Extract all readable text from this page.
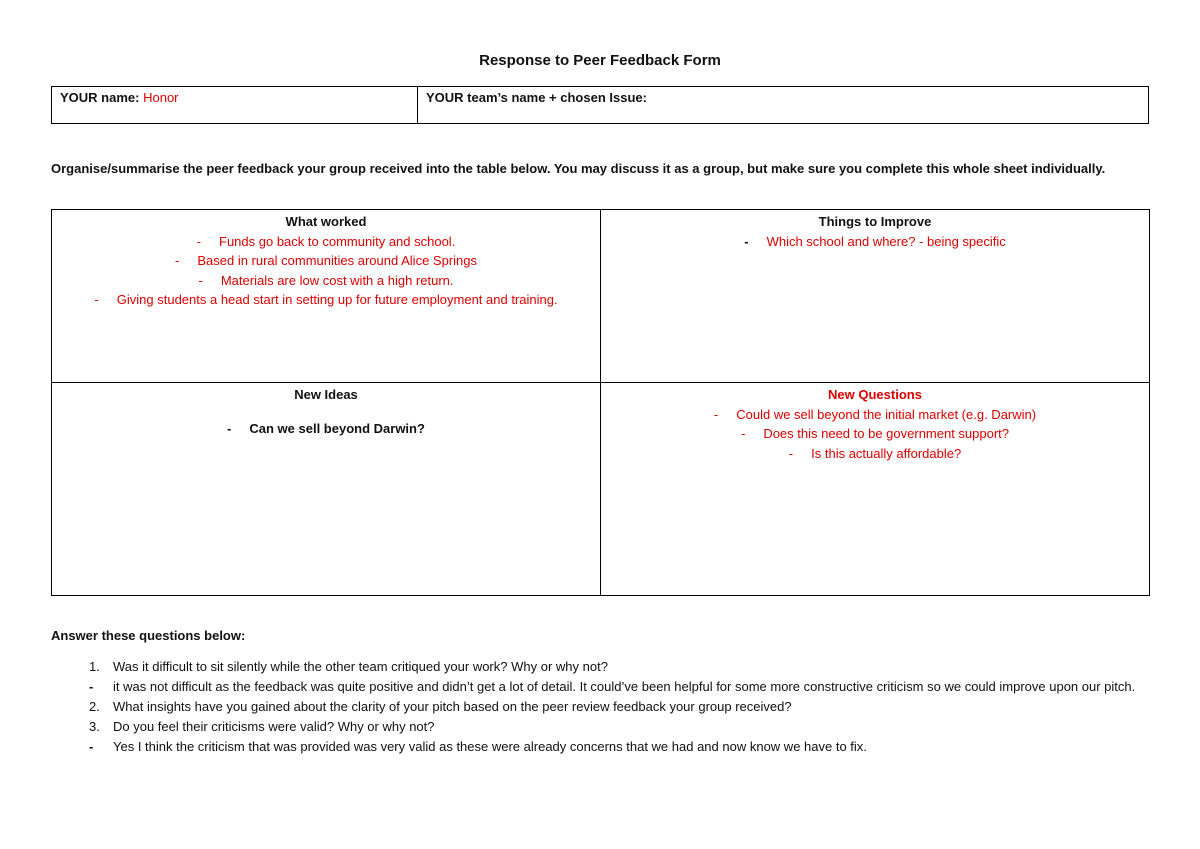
Response to Peer Feedback Form
YOUR name: Honor	YOUR team’s name + chosen Issue:
Organise/summarise the peer feedback your group received into the table below. You may discuss it as a group, but make sure you complete this whole sheet individually.
What worked
- Funds go back to community and school.
- Based in rural communities around Alice Springs
- Materials are low cost with a high return.
- Giving students a head start in setting up for future employment and training.
Things to Improve
- Which school and where? - being specific
New Ideas
- Can we sell beyond Darwin?
New Questions
- Could we sell beyond the initial market (e.g. Darwin)
- Does this need to be government support?
- Is this actually affordable?
Answer these questions below:
1.	Was it difficult to sit silently while the other team critiqued your work? Why or why not?
-	it was not difficult as the feedback was quite positive and didn’t get a lot of detail. It could’ve been helpful for some more constructive criticism so we could improve upon our pitch.
2.	What insights have you gained about the clarity of your pitch based on the peer review feedback your group received?
3.	Do you feel their criticisms were valid? Why or why not?
-	Yes I think the criticism that was provided was very valid as these were already concerns that we had and now know we have to fix.
